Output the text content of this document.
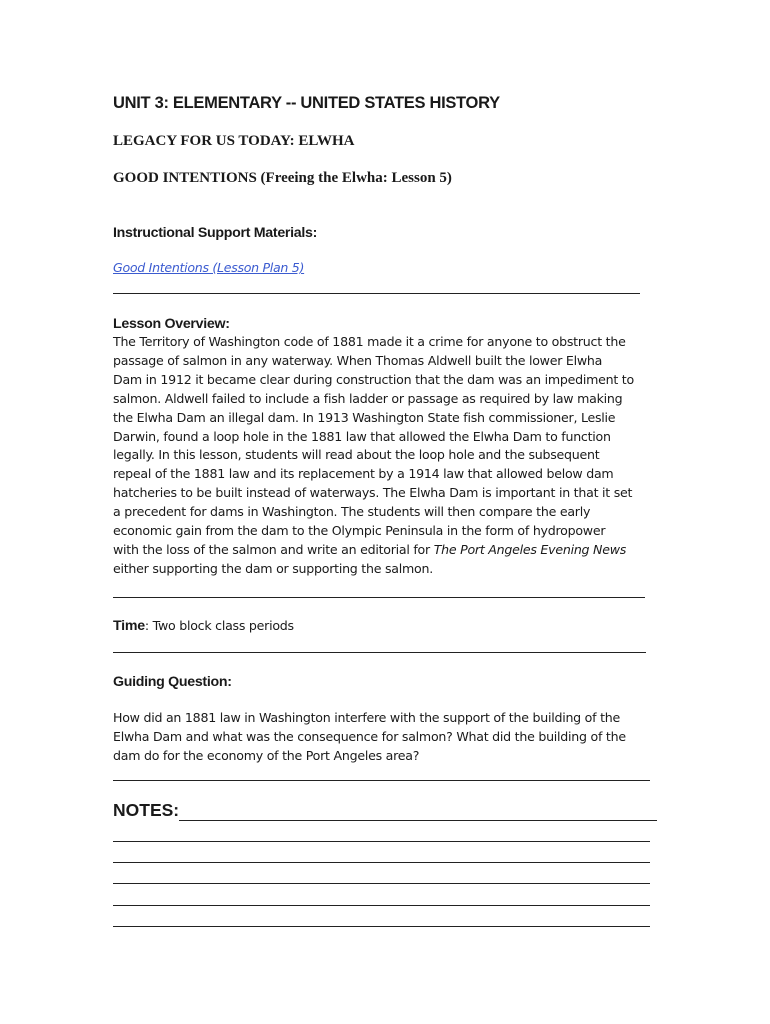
UNIT 3: ELEMENTARY -- UNITED STATES HISTORY
LEGACY FOR US TODAY: ELWHA
GOOD INTENTIONS (Freeing the Elwha: Lesson 5)
Instructional Support Materials:
Good Intentions (Lesson Plan 5)
Lesson Overview:
The Territory of Washington code of 1881 made it a crime for anyone to obstruct the
passage of salmon in any waterway. When Thomas Aldwell built the lower Elwha
Dam in 1912 it became clear during construction that the dam was an impediment to
salmon. Aldwell failed to include a fish ladder or passage as required by law making
the Elwha Dam an illegal dam. In 1913 Washington State fish commissioner, Leslie
Darwin, found a loop hole in the 1881 law that allowed the Elwha Dam to function
legally. In this lesson, students will read about the loop hole and the subsequent
repeal of the 1881 law and its replacement by a 1914 law that allowed below dam
hatcheries to be built instead of waterways. The Elwha Dam is important in that it set
a precedent for dams in Washington. The students will then compare the early
economic gain from the dam to the Olympic Peninsula in the form of hydropower
with the loss of the salmon and write an editorial for The Port Angeles Evening News
either supporting the dam or supporting the salmon.
Time: Two block class periods
Guiding Question:
How did an 1881 law in Washington interfere with the support of the building of the
Elwha Dam and what was the consequence for salmon? What did the building of the
dam do for the economy of the Port Angeles area?
NOTES:
